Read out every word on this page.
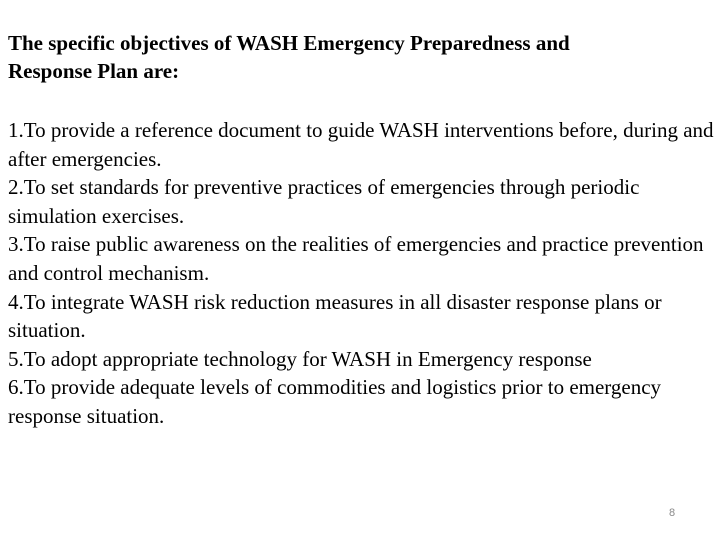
The specific objectives of WASH Emergency Preparedness and
Response Plan are:
1.To provide a reference document to guide WASH interventions before, during and after emergencies.
2.To set standards for preventive practices of emergencies through periodic simulation exercises.
3.To raise public awareness on the realities of emergencies and practice prevention and control mechanism.
4.To integrate WASH risk reduction measures in all disaster response plans or situation.
5.To adopt appropriate technology for WASH in Emergency response
6.To provide adequate levels of commodities and logistics prior to emergency response situation.
8
